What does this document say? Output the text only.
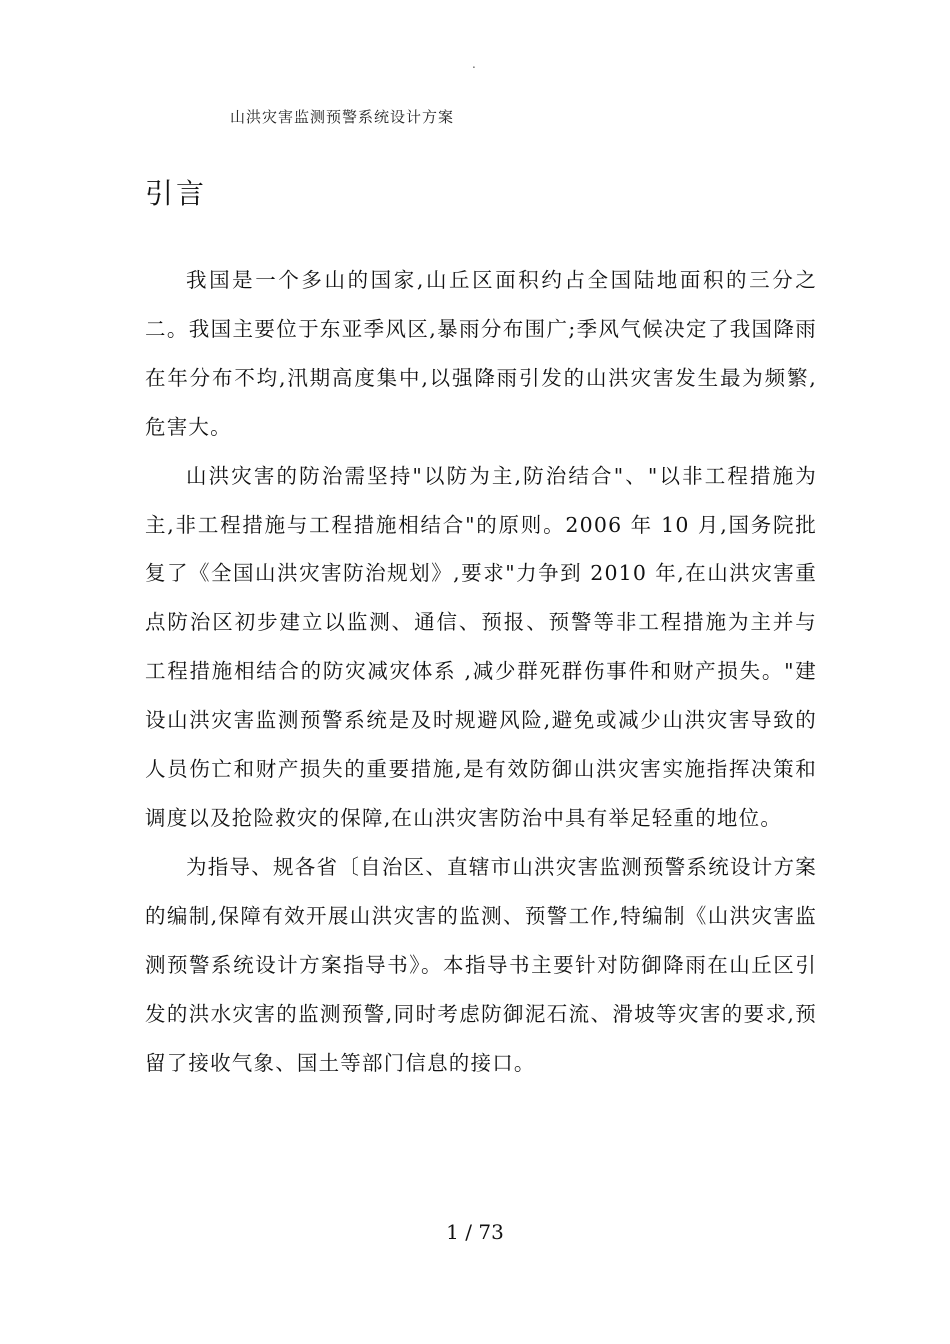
.
山洪灾害监测预警系统设计方案
引言

我国是一个多山的国家,山丘区面积约占全国陆地面积的三分之二。我国主要位于东亚季风区,暴雨分布围广;季风气候决定了我国降雨在年分布不均,汛期高度集中,以强降雨引发的山洪灾害发生最为频繁,危害大。

山洪灾害的防治需坚持"以防为主,防治结合"、"以非工程措施为主,非工程措施与工程措施相结合"的原则。2006 年 10 月,国务院批复了《全国山洪灾害防治规划》,要求"力争到 2010 年,在山洪灾害重点防治区初步建立以监测、通信、预报、预警等非工程措施为主并与工程措施相结合的防灾减灾体系 ,减少群死群伤事件和财产损失。"建设山洪灾害监测预警系统是及时规避风险,避免或减少山洪灾害导致的人员伤亡和财产损失的重要措施,是有效防御山洪灾害实施指挥决策和调度以及抢险救灾的保障,在山洪灾害防治中具有举足轻重的地位。

为指导、规各省〔自治区、直辖市山洪灾害监测预警系统设计方案的编制,保障有效开展山洪灾害的监测、预警工作,特编制《山洪灾害监测预警系统设计方案指导书》。本指导书主要针对防御降雨在山丘区引发的洪水灾害的监测预警,同时考虑防御泥石流、滑坡等灾害的要求,预留了接收气象、国土等部门信息的接口。

1 / 73
